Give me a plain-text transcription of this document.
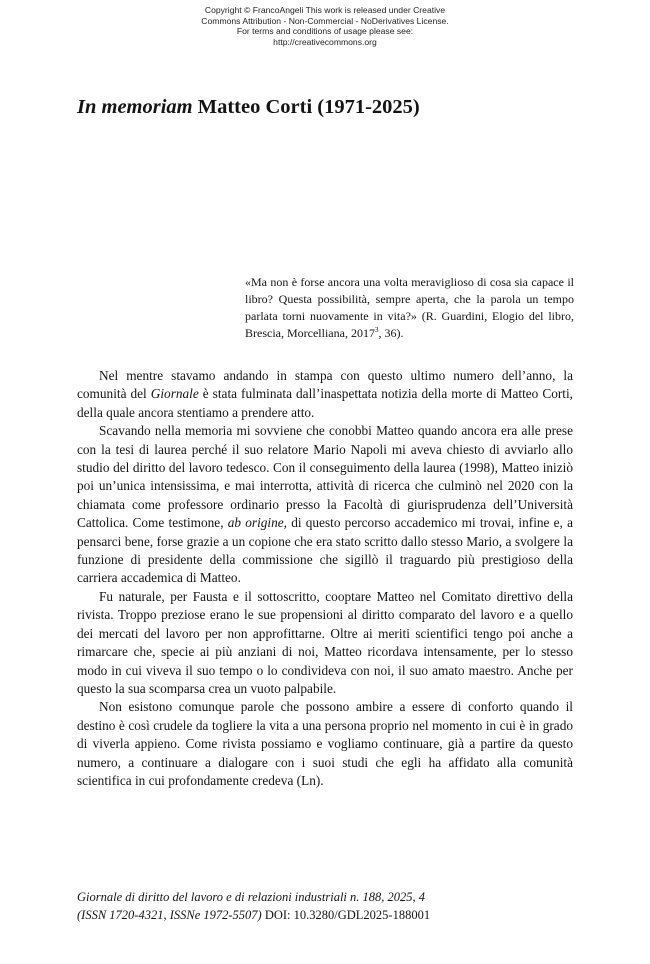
Copyright © FrancoAngeli This work is released under Creative
Commons Attribution - Non-Commercial - NoDerivatives License.
For terms and conditions of usage please see:
http://creativecommons.org
In memoriam Matteo Corti (1971-2025)
«Ma non è forse ancora una volta meraviglioso di cosa sia capace il libro? Questa possibilità, sempre aperta, che la parola un tempo parlata torni nuovamente in vita?» (R. Guardini, Elogio del libro, Brescia, Morcelliana, 2017$^3$, 36).

Nel mentre stavamo andando in stampa con questo ultimo numero dell’anno, la comunità del Giornale è stata fulminata dall’inaspettata notizia della morte di Matteo Corti, della quale ancora stentiamo a prendere atto.

Scavando nella memoria mi sovviene che conobbi Matteo quando ancora era alle prese con la tesi di laurea perché il suo relatore Mario Napoli mi aveva chiesto di avviarlo allo studio del diritto del lavoro tedesco. Con il conseguimento della laurea (1998), Matteo iniziò poi un’unica intensissima, e mai interrotta, attività di ricerca che culminò nel 2020 con la chiamata come professore ordinario presso la Facoltà di giurisprudenza dell’Università Cattolica. Come testimone, ab origine, di questo percorso accademico mi trovai, infine e, a pensarci bene, forse grazie a un copione che era stato scritto dallo stesso Mario, a svolgere la funzione di presidente della commissione che sigillò il traguardo più prestigioso della carriera accademica di Matteo.

Fu naturale, per Fausta e il sottoscritto, cooptare Matteo nel Comitato direttivo della rivista. Troppo preziose erano le sue propensioni al diritto comparato del lavoro e a quello dei mercati del lavoro per non approfittarne. Oltre ai meriti scientifici tengo poi anche a rimarcare che, specie ai più anziani di noi, Matteo ricordava intensamente, per lo stesso modo in cui viveva il suo tempo o lo condivideva con noi, il suo amato maestro. Anche per questo la sua scomparsa crea un vuoto palpabile.

Non esistono comunque parole che possono ambire a essere di conforto quando il destino è così crudele da togliere la vita a una persona proprio nel momento in cui è in grado di viverla appieno. Come rivista possiamo e vogliamo continuare, già a partire da questo numero, a continuare a dialogare con i suoi studi che egli ha affidato alla comunità scientifica in cui profondamente credeva (Ln).

Giornale di diritto del lavoro e di relazioni industriali n. 188, 2025, 4
(ISSN 1720-4321, ISSNe 1972-5507) DOI: 10.3280/GDL2025-188001
